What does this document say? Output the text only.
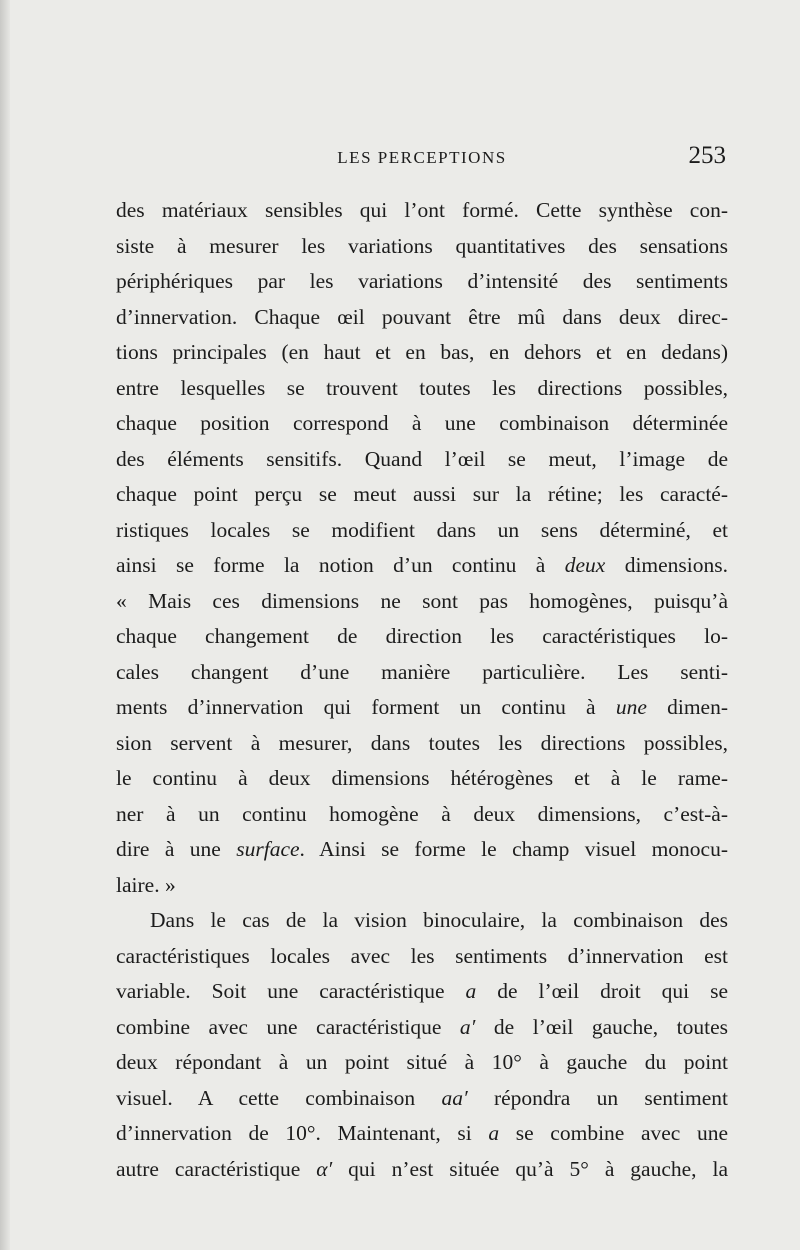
LES PERCEPTIONS	253
des matériaux sensibles qui l’ont formé. Cette synthèse con-
siste à mesurer les variations quantitatives des sensations
périphériques par les variations d’intensité des sentiments
d’innervation. Chaque œil pouvant être mû dans deux direc-
tions principales (en haut et en bas, en dehors et en dedans)
entre lesquelles se trouvent toutes les directions possibles,
chaque position correspond à une combinaison déterminée
des éléments sensitifs. Quand l’œil se meut, l’image de
chaque point perçu se meut aussi sur la rétine; les caracté-
ristiques locales se modifient dans un sens déterminé, et
ainsi se forme la notion d’un continu à deux dimensions.
« Mais ces dimensions ne sont pas homogènes, puisqu’à
chaque changement de direction les caractéristiques lo-
cales changent d’une manière particulière. Les senti-
ments d’innervation qui forment un continu à une dimen-
sion servent à mesurer, dans toutes les directions possibles,
le continu à deux dimensions hétérogènes et à le rame-
ner à un continu homogène à deux dimensions, c’est-à-
dire à une surface. Ainsi se forme le champ visuel monocu-
laire. »
Dans le cas de la vision binoculaire, la combinaison des
caractéristiques locales avec les sentiments d’innervation est
variable. Soit une caractéristique a de l’œil droit qui se
combine avec une caractéristique a′ de l’œil gauche, toutes
deux répondant à un point situé à 10° à gauche du point
visuel. A cette combinaison aa′ répondra un sentiment
d’innervation de 10°. Maintenant, si a se combine avec une
autre caractéristique α′ qui n’est située qu’à 5° à gauche, la
